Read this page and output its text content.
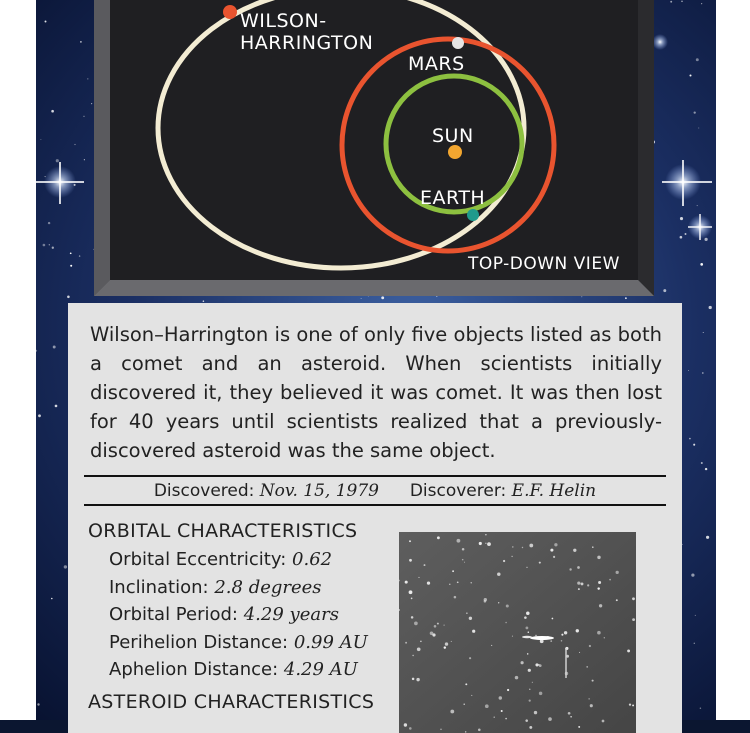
WILSON-
HARRINGTON
MARS
SUN
EARTH
TOP-DOWN VIEW

Wilson–Harrington is one of only five objects listed as both a comet and an asteroid. When scientists initially discovered it, they believed it was comet. It was then lost for 40 years until scientists realized that a previously-discovered asteroid was the same object.

Discovered: Nov. 15, 1979 Discoverer: E.F. Helin
ORBITAL CHARACTERISTICS
Orbital Eccentricity: 0.62
Inclination: 2.8 degrees
Orbital Period: 4.29 years
Perihelion Distance: 0.99 AU
Aphelion Distance: 4.29 AU
ASTEROID CHARACTERISTICS
